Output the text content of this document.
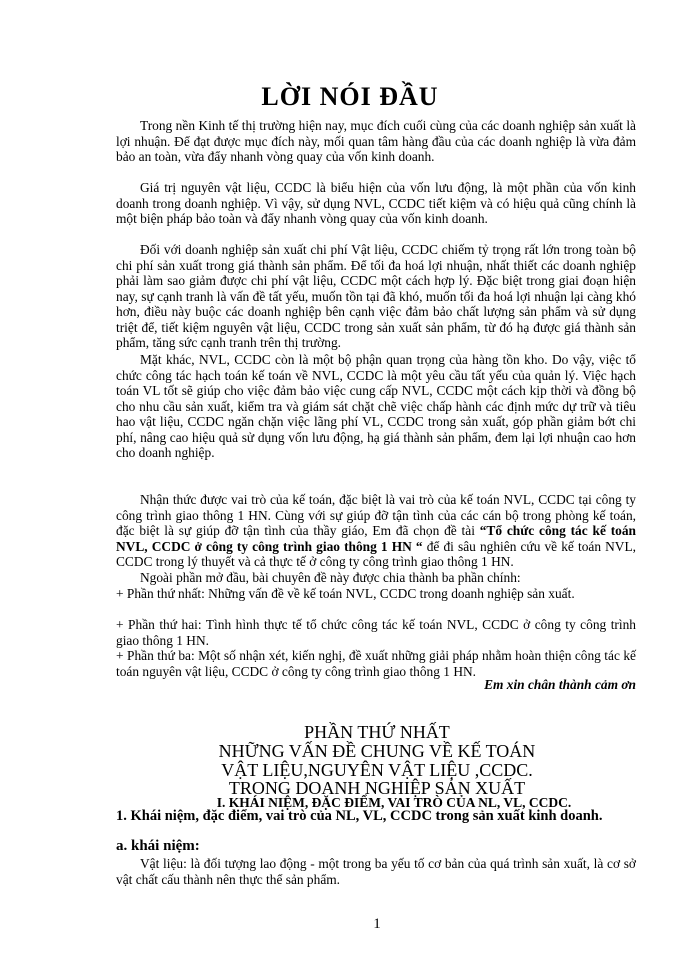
LỜI NÓI ĐẦU

Trong nền Kinh tế thị trường hiện nay, mục đích cuối cùng của các doanh nghiệp sản xuất là lợi nhuận. Để đạt được mục đích này, mối quan tâm hàng đầu của các doanh nghiệp là vừa đảm bảo an toàn, vừa đẩy nhanh vòng quay của vốn kinh doanh.

Giá trị nguyên vật liệu, CCDC là biểu hiện của vốn lưu động, là một phần của vốn kinh doanh trong doanh nghiệp. Vì vậy, sử dụng NVL, CCDC tiết kiệm và có hiệu quả cũng chính là một biện pháp bảo toàn và đẩy nhanh vòng quay của vốn kinh doanh.

Đối với doanh nghiệp sản xuất chi phí Vật liệu, CCDC chiếm tỷ trọng rất lớn trong toàn bộ chi phí sản xuất trong giá thành sản phẩm. Để tối đa hoá lợi nhuận, nhất thiết các doanh nghiệp phải làm sao giảm được chi phí vật liệu, CCDC một cách hợp lý. Đặc biệt trong giai đoạn hiện nay, sự cạnh tranh là vấn đề tất yếu, muốn tồn tại đã khó, muốn tối đa hoá lợi nhuận lại càng khó hơn, điều này buộc các doanh nghiệp bên cạnh việc đảm bảo chất lượng sản phẩm và sử dụng triệt để, tiết kiệm nguyên vật liệu, CCDC trong sản xuất sản phẩm, từ đó hạ được giá thành sản phẩm, tăng sức cạnh tranh trên thị trường.

Mặt khác, NVL, CCDC còn là một bộ phận quan trọng của hàng tồn kho. Do vậy, việc tổ chức công tác hạch toán kế toán về NVL, CCDC là một yêu cầu tất yếu của quản lý. Việc hạch toán VL tốt sẽ giúp cho việc đảm bảo việc cung cấp NVL, CCDC một cách kịp thời và đồng bộ cho nhu cầu sản xuất, kiểm tra và giám sát chặt chẽ việc chấp hành các định mức dự trữ và tiêu hao vật liệu, CCDC ngăn chặn việc lãng phí VL, CCDC trong sản xuất, góp phần giảm bớt chi phí, nâng cao hiệu quả sử dụng vốn lưu động, hạ giá thành sản phẩm, đem lại lợi nhuận cao hơn cho doanh nghiệp.

Nhận thức được vai trò của kế toán, đặc biệt là vai trò của kế toán NVL, CCDC tại công ty công trình giao thông 1 HN. Cùng với sự giúp đỡ tận tình của các cán bộ trong phòng kế toán, đặc biệt là sự giúp đỡ tận tình của thầy giáo, Em đã chọn đề tài “Tổ chức công tác kế toán NVL, CCDC ở công ty công trình giao thông 1 HN “ để đi sâu nghiên cứu về kế toán NVL, CCDC trong lý thuyết và cả thực tế ở công ty công trình giao thông 1 HN.

Ngoài phần mở đầu, bài chuyên đề này được chia thành ba phần chính:

+ Phần thứ nhất: Những vấn đề về kế toán NVL, CCDC trong doanh nghiệp sản xuất.

+ Phần thứ hai: Tình hình thực tế tổ chức công tác kế toán NVL, CCDC ở công ty công trình giao thông 1 HN.

+ Phần thứ ba: Một số nhận xét, kiến nghị, đề xuất những giải pháp nhằm hoàn thiện công tác kế toán nguyên vật liệu, CCDC ở công ty công trình giao thông 1 HN.

Em xin chân thành cảm ơn
PHẦN THỨ NHẤT
NHỮNG VẤN ĐỀ CHUNG VỀ KẾ TOÁN
VẬT LIỆU,NGUYÊN VẬT LIỆU ,CCDC.
TRONG DOANH NGHIỆP SẢN XUẤT
I. KHÁI NIỆM, ĐẶC ĐIỂM, VAI TRÒ CỦA NL, VL, CCDC.
1. Khái niệm, đặc điểm, vai trò của NL, VL, CCDC trong sản xuất kinh doanh.
a. khái niệm:

Vật liệu: là đối tượng lao động - một trong ba yếu tố cơ bản của quá trình sản xuất, là cơ sở vật chất cấu thành nên thực thể sản phẩm.

1
